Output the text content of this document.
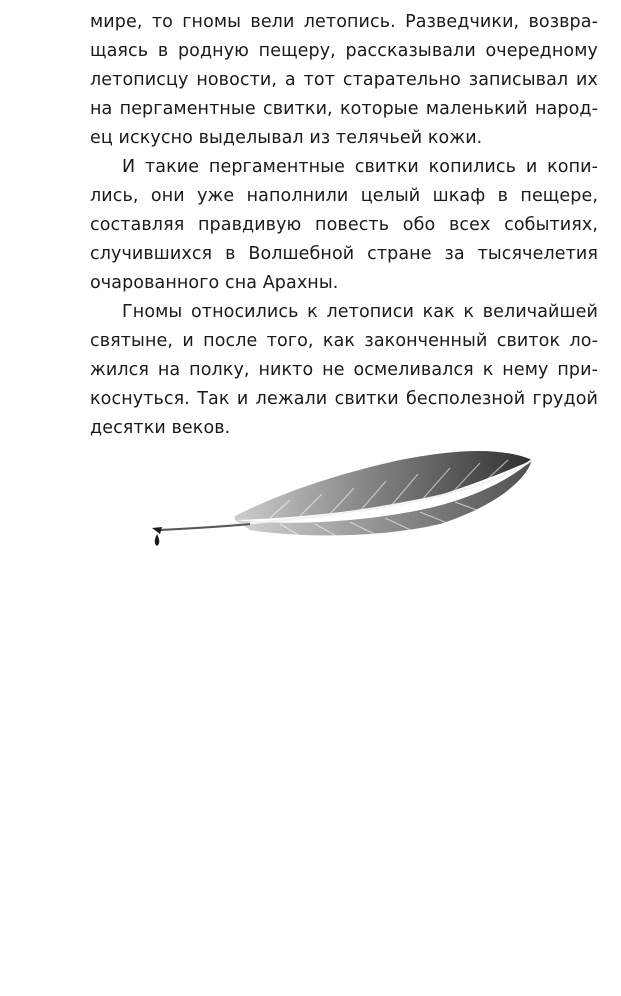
мире, то гномы вели летопись. Разведчики, возвра-
щаясь в родную пещеру, рассказывали очередному
летописцу новости, а тот старательно записывал их
на пергаментные свитки, которые маленький народ-
ец искусно выделывал из телячьей кожи.
И такие пергаментные свитки копились и копи-
лись, они уже наполнили целый шкаф в пещере,
составляя правдивую повесть обо всех событиях,
случившихся в Волшебной стране за тысячелетия
очарованного сна Арахны.
Гномы относились к летописи как к величайшей
святыне, и после того, как законченный свиток ло-
жился на полку, никто не осмеливался к нему при-
коснуться. Так и лежали свитки бесполезной грудой
десятки веков.
